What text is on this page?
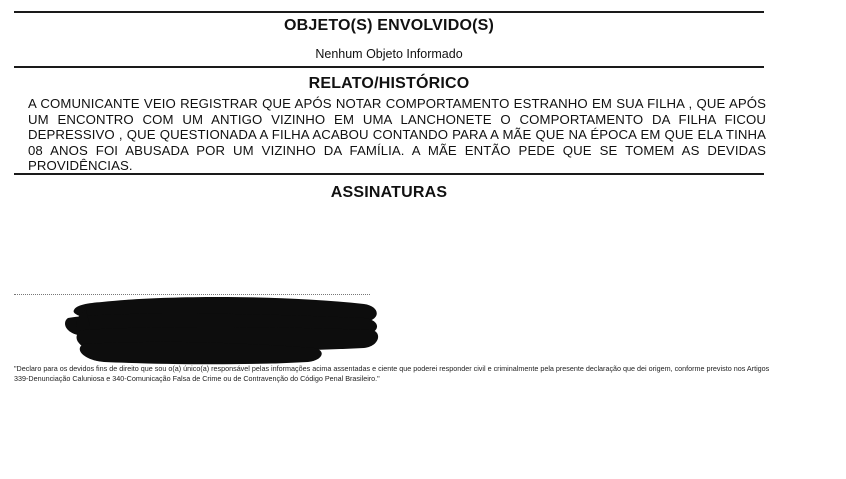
OBJETO(S) ENVOLVIDO(S)
Nenhum Objeto Informado
RELATO/HISTÓRICO
A COMUNICANTE VEIO REGISTRAR QUE APÓS NOTAR COMPORTAMENTO ESTRANHO EM SUA FILHA , QUE APÓS UM ENCONTRO COM UM ANTIGO VIZINHO EM UMA LANCHONETE O COMPORTAMENTO DA FILHA FICOU DEPRESSIVO , QUE QUESTIONADA A FILHA ACABOU CONTANDO PARA A MÃE QUE NA ÉPOCA EM QUE ELA TINHA 08 ANOS FOI ABUSADA POR UM VIZINHO DA FAMÍLIA. A MÃE ENTÃO PEDE QUE SE TOMEM AS DEVIDAS PROVIDÊNCIAS.
ASSINATURAS
"Declaro para os devidos fins de direito que sou o(a) único(a) responsável pelas informações acima assentadas e ciente que poderei responder civil e criminalmente pela presente declaração que dei origem, conforme previsto nos Artigos 339-Denunciação Caluniosa e 340-Comunicação Falsa de Crime ou de Contravenção do Código Penal Brasileiro."
